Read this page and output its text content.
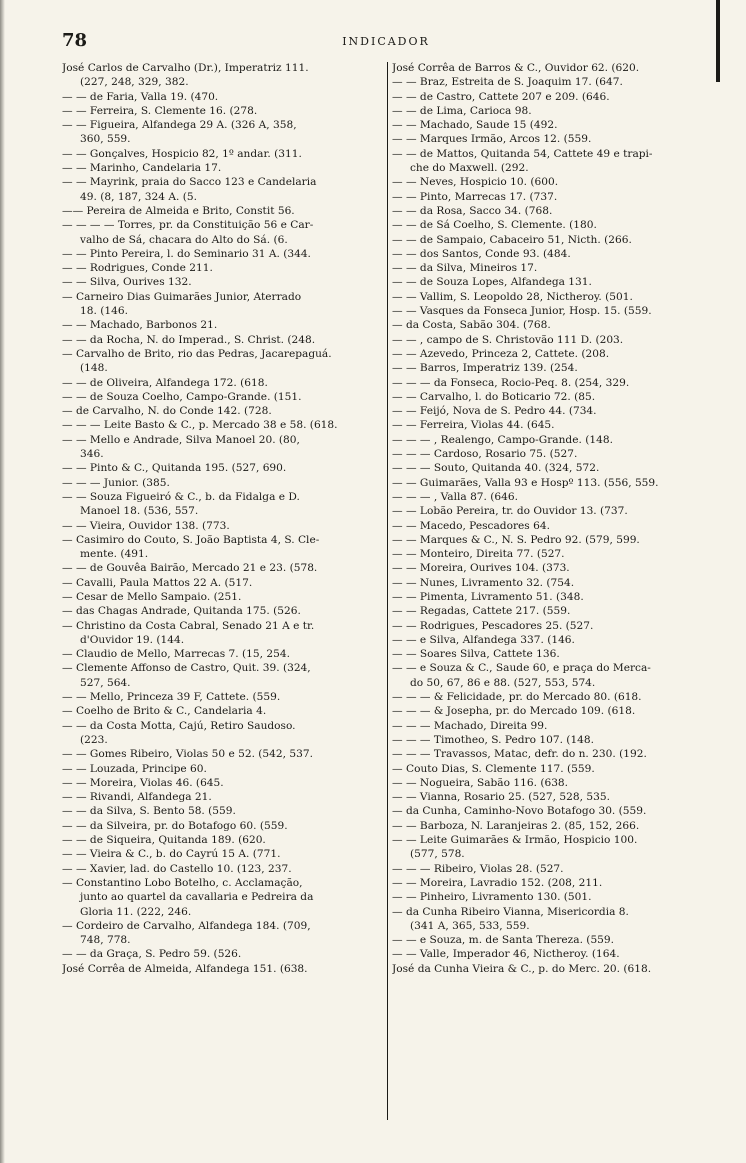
78	INDICADOR
José Carlos de Carvalho (Dr.), Imperatriz 111.
(227, 248, 329, 382.
— — de Faria, Valla 19. (470.
— — Ferreira, S. Clemente 16. (278.
— — Figueira, Alfandega 29 A. (326 A, 358,
360, 559.
— — Gonçalves, Hospicio 82, 1º andar. (311.
— — Marinho, Candelaria 17.
— — Mayrink, praia do Sacco 123 e Candelaria
49. (8, 187, 324 A. (5.
—— Pereira de Almeida e Brito, Constit 56.
— — — — Torres, pr. da Constituição 56 e Car-
valho de Sá, chacara do Alto do Sá. (6.
— — Pinto Pereira, l. do Seminario 31 A. (344.
— — Rodrigues, Conde 211.
— — Silva, Ourives 132.
— Carneiro Dias Guimarães Junior, Aterrado
18. (146.
— — Machado, Barbonos 21.
— — da Rocha, N. do Imperad., S. Christ. (248.
— Carvalho de Brito, rio das Pedras, Jacarepaguá.
(148.
— — de Oliveira, Alfandega 172. (618.
— — de Souza Coelho, Campo-Grande. (151.
— de Carvalho, N. do Conde 142. (728.
— — — Leite Basto & C., p. Mercado 38 e 58. (618.
— — Mello e Andrade, Silva Manoel 20. (80,
346.
— — Pinto & C., Quitanda 195. (527, 690.
— — — Junior. (385.
— — Souza Figueiró & C., b. da Fidalga e D.
Manoel 18. (536, 557.
— — Vieira, Ouvidor 138. (773.
— Casimiro do Couto, S. João Baptista 4, S. Cle-
mente. (491.
— — de Gouvêa Bairão, Mercado 21 e 23. (578.
— Cavalli, Paula Mattos 22 A. (517.
— Cesar de Mello Sampaio. (251.
— das Chagas Andrade, Quitanda 175. (526.
— Christino da Costa Cabral, Senado 21 A e tr.
d'Ouvidor 19. (144.
— Claudio de Mello, Marrecas 7. (15, 254.
— Clemente Affonso de Castro, Quit. 39. (324,
527, 564.
— — Mello, Princeza 39 F, Cattete. (559.
— Coelho de Brito & C., Candelaria 4.
— — da Costa Motta, Cajú, Retiro Saudoso.
(223.
— — Gomes Ribeiro, Violas 50 e 52. (542, 537.
— — Louzada, Principe 60.
— — Moreira, Violas 46. (645.
— — Rivandi, Alfandega 21.
— — da Silva, S. Bento 58. (559.
— — da Silveira, pr. do Botafogo 60. (559.
— — de Siqueira, Quitanda 189. (620.
— — Vieira & C., b. do Cayrú 15 A. (771.
— — Xavier, lad. do Castello 10. (123, 237.
— Constantino Lobo Botelho, c. Acclamação,
junto ao quartel da cavallaria e Pedreira da
Gloria 11. (222, 246.
— Cordeiro de Carvalho, Alfandega 184. (709,
748, 778.
— — da Graça, S. Pedro 59. (526.
José Corrêa de Almeida, Alfandega 151. (638.
José Corrêa de Barros & C., Ouvidor 62. (620.
— — Braz, Estreita de S. Joaquim 17. (647.
— — de Castro, Cattete 207 e 209. (646.
— — de Lima, Carioca 98.
— — Machado, Saude 15 (492.
— — Marques Irmão, Arcos 12. (559.
— — de Mattos, Quitanda 54, Cattete 49 e trapi-
che do Maxwell. (292.
— — Neves, Hospicio 10. (600.
— — Pinto, Marrecas 17. (737.
— — da Rosa, Sacco 34. (768.
— — de Sá Coelho, S. Clemente. (180.
— — de Sampaio, Cabaceiro 51, Nicth. (266.
— — dos Santos, Conde 93. (484.
— — da Silva, Mineiros 17.
— — de Souza Lopes, Alfandega 131.
— — Vallim, S. Leopoldo 28, Nictheroy. (501.
— — Vasques da Fonseca Junior, Hosp. 15. (559.
— da Costa, Sabão 304. (768.
— — , campo de S. Christovão 111 D. (203.
— — Azevedo, Princeza 2, Cattete. (208.
— — Barros, Imperatriz 139. (254.
— — — da Fonseca, Rocio-Peq. 8. (254, 329.
— — Carvalho, l. do Boticario 72. (85.
— — Feijó, Nova de S. Pedro 44. (734.
— — Ferreira, Violas 44. (645.
— — — , Realengo, Campo-Grande. (148.
— — — Cardoso, Rosario 75. (527.
— — — Souto, Quitanda 40. (324, 572.
— — Guimarães, Valla 93 e Hospº 113. (556, 559.
— — — , Valla 87. (646.
— — Lobão Pereira, tr. do Ouvidor 13. (737.
— — Macedo, Pescadores 64.
— — Marques & C., N. S. Pedro 92. (579, 599.
— — Monteiro, Direita 77. (527.
— — Moreira, Ourives 104. (373.
— — Nunes, Livramento 32. (754.
— — Pimenta, Livramento 51. (348.
— — Regadas, Cattete 217. (559.
— — Rodrigues, Pescadores 25. (527.
— — e Silva, Alfandega 337. (146.
— — Soares Silva, Cattete 136.
— — e Souza & C., Saude 60, e praça do Merca-
do 50, 67, 86 e 88. (527, 553, 574.
— — — & Felicidade, pr. do Mercado 80. (618.
— — — & Josepha, pr. do Mercado 109. (618.
— — — Machado, Direita 99.
— — — Timotheo, S. Pedro 107. (148.
— — — Travassos, Matac, defr. do n. 230. (192.
— Couto Dias, S. Clemente 117. (559.
— — Nogueira, Sabão 116. (638.
— — Vianna, Rosario 25. (527, 528, 535.
— da Cunha, Caminho-Novo Botafogo 30. (559.
— — Barboza, N. Laranjeiras 2. (85, 152, 266.
— — Leite Guimarães & Irmão, Hospicio 100.
(577, 578.
— — — Ribeiro, Violas 28. (527.
— — Moreira, Lavradio 152. (208, 211.
— — Pinheiro, Livramento 130. (501.
— da Cunha Ribeiro Vianna, Misericordia 8.
(341 A, 365, 533, 559.
— — e Souza, m. de Santa Thereza. (559.
— — Valle, Imperador 46, Nictheroy. (164.
José da Cunha Vieira & C., p. do Merc. 20. (618.
